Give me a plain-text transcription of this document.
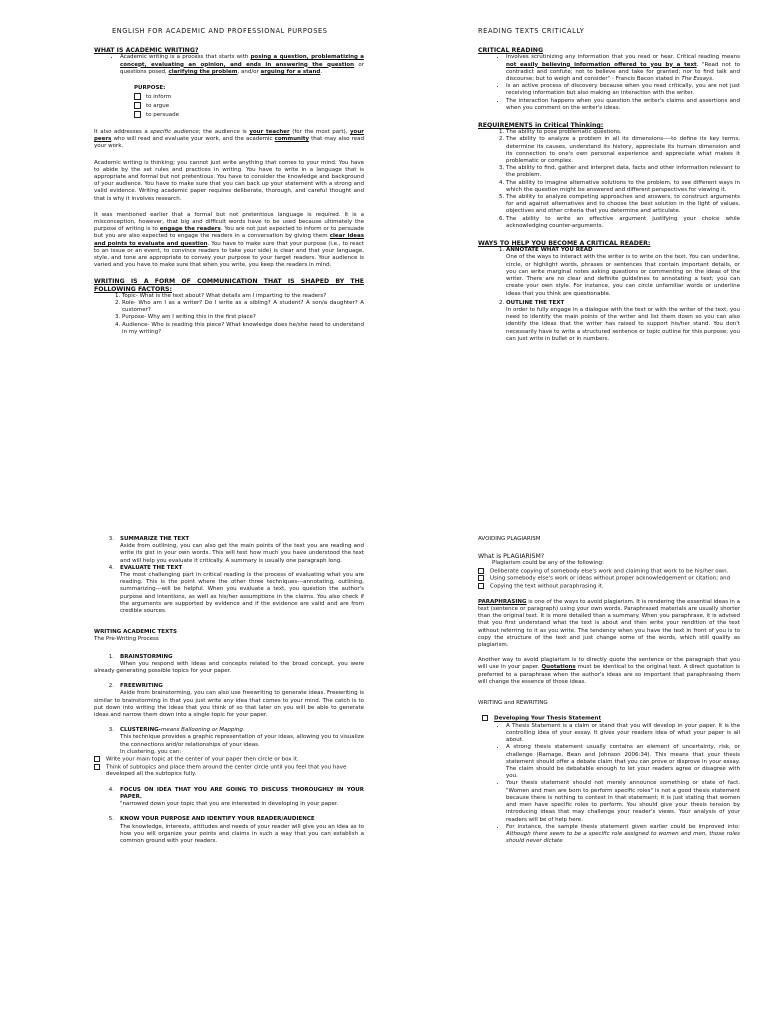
ENGLISH FOR ACADEMIC AND PROFESSIONAL PURPOSES
WHAT IS ACADEMIC WRITING?
• Academic writing is a process that starts with posing a question, problematizing a concept, evaluating an opinion, and ends in answering the question or questions posed, clarifying the problem, and/or arguing for a stand.
PURPOSE:
to inform
to argue
to persuade

It also addresses a specific audience; the audience is your teacher (for the most part), your peers who will read and evaluate your work, and the academic community that may also read your work.

Academic writing is thinking; you cannot just write anything that comes to your mind. You have to abide by the set rules and practices in writing. You have to write in a language that is appropriate and formal but not pretentious. You have to consider the knowledge and background of your audience. You have to make sure that you can back up your statement with a strong and valid evidence. Writing academic paper requires deliberate, thorough, and careful thought and that is why it involves research.

It was mentioned earlier that a formal but not pretentious language is required. It is a misconception, however, that big and difficult words have to be used because ultimately the purpose of writing is to engage the readers. You are not just expected to inform or to persuade but you are also expected to engage the readers in a conversation by giving them clear ideas and points to evaluate and question. You have to make sure that your purpose (i.e., to react to an issue or an event, to convince readers to take your side) is clear and that your language, style, and tone are appropriate to convey your purpose to your target readers. Your audience is varied and you have to make sure that when you write, you keep the readers in mind.

WRITING IS A FORM OF COMMUNICATION THAT IS SHAPED BY THE FOLLOWING FACTORS:
1. Topic- What is the text about? What details am I imparting to the readers?
2. Role- Who am I as a writer? Do I write as a sibling? A student? A son/a daughter? A customer?
3. Purpose- Why am I writing this in the first place?
4. Audience- Who is reading this piece? What knowledge does he/she need to understand in my writing?
READING TEXTS CRITICALLY
CRITICAL READING
• Involves scrutinizing any information that you read or hear. Critical reading means not easily believing information offered to you by a text. "Read not to contradict and confute; not to believe and take for granted; nor to find talk and discourse; but to weigh and consider" - Francis Bacon stated in The Essays.
• Is an active process of discovery because when you read critically, you are not just receiving information but also making an interaction with the writer.
• The interaction happens when you question the writer's claims and assertions and when you comment on the writer's ideas.
REQUIREMENTS in Critical Thinking:
1. The ability to pose problematic questions.
2. The ability to analyze a problem in all its dimensions----to define its key terms, determine its causes, understand its history, appreciate its human dimension and its connection to one's own personal experience and appreciate what makes it problematic or complex.
3. The ability to find, gather and interpret data, facts and other information relevant to the problem.
4. The ability to imagine alternative solutions to the problem, to see different ways in which the question might be answered and different perspectives for viewing it.
5. The ability to analyze competing approaches and answers, to construct arguments for and against alternatives and to choose the best solution in the light of values, objectives and other criteria that you determine and articulate.
6. The ability to write an effective argument justifying your choice while acknowledging counter-arguments.
WAYS TO HELP YOU BECOME A CRITICAL READER:
1. ANNOTATE WHAT YOU READ
One of the ways to interact with the writer is to write on the text. You can underline, circle, or highlight words, phrases or sentences that contain important details, or you can write marginal notes asking questions or commenting on the ideas of the writer. There are no clear and definite guidelines to annotating a text; you can create your own style. For instance, you can circle unfamiliar words or underline ideas that you think are questionable.
2. OUTLINE THE TEXT
In order to fully engage in a dialogue with the text or with the writer of the text, you need to identify the main points of the writer and list them down so you can also identify the ideas that the writer has raised to support his/her stand. You don't necessarily have to write a structured sentence or topic outline for this purpose; you can just write in bullet or in numbers.
3. SUMMARIZE THE TEXT

Aside from outlining, you can also get the main points of the text you are reading and write its gist in your own words. This will test how much you have understood the text and will help you evaluate it critically. A summary is usually one paragraph long.

4. EVALUATE THE TEXT

The most challenging part in critical reading is the process of evaluating what you are reading. This is the point where the other three techniques---annotating, outlining, summarizing---will be helpful. When you evaluate a text, you question the author's purpose and intentions, as well as his/her assumptions in the claims. You also check if the arguments are supported by evidence and if the evidence are valid and are from credible sources.

WRITING ACADEMIC TEXTS
The Pre-Writing Process
1. BRAINSTORMING

When you respond with ideas and concepts related to the broad concept, you were already generating possible topics for your paper.

2. FREEWRITING

Aside from brainstorming, you can also use freewriting to generate ideas. Freewriting is similar to brainstorming in that you just write any idea that comes to your mind. The catch is to put down into writing the ideas that you think of so that later on you will be able to generate ideas and narrow them down into a single topic for your paper.

3. CLUSTERING-means Ballooning or Mapping.

This technique provides a graphic representation of your ideas, allowing you to visualize the connections and/or relationships of your ideas.

In clustering, you can:
Write your main topic at the center of your paper then circle or box it.
Think of subtopics and place them around the center circle until you feel that you have developed all the subtopics fully.
4.	FOCUS ON IDEA THAT YOU ARE GOING TO DISCUSS THOROUGHLY IN YOUR PAPER.

"narrowed down your topic that you are interested in developing in your paper.

5.	KNOW YOUR PURPOSE AND IDENTIFY YOUR READER/AUDIENCE

The knowledge, interests, attitudes and needs of your reader will give you an idea as to how you will organize your points and claims in such a way that you can establish a common ground with your readers.

AVOIDING PLAGIARISM
What is PLAGIARISM?
Plagiarism could be any of the following:
Deliberate copying of somebody else's work and claiming that work to be his/her own.
Using somebody else's work or ideas without proper acknowledgement or citation; and
Copying the text without paraphrasing it.

PARAPHRASING is one of the ways to avoid plagiarism. It is rendering the essential ideas in a text (sentence or paragraph) using your own words. Paraphrased materials are usually shorter than the original text. It is more detailed than a summary. When you paraphrase, it is advised that you first understand what the text is about and then write your rendition of the text without referring to it as you write. The tendency when you have the text in front of you is to copy the structure of the text and just change some of the words, which still qualify as plagiarism.

Another way to avoid plagiarism is to directly quote the sentence or the paragraph that you will use in your paper. Quotations must be identical to the original text. A direct quotation is preferred to a paraphrase when the author's ideas are so important that paraphrasing them will change the essence of those ideas.

WRITING and REWRITING
Developing Your Thesis Statement
• A Thesis Statement is a claim or stand that you will develop in your paper. It is the controlling idea of your essay. It gives your readers idea of what your paper is all about.
• A strong thesis statement usually contains an element of uncertainty, risk, or challenge (Ramage, Bean and Johnson 2006:34). This means that your thesis statement should offer a debate claim that you can prove or disprove in your essay. The claim should be debatable enough to let your readers agree or disagree with you.
• Your thesis statement should not merely announce something or state of fact. "Women and men are born to perform specific roles" is not a good thesis statement because there is nothing to contest in that statement; it is just stating that women and men have specific roles to perform. You should give your thesis tension by introducing ideas that may challenge your reader's views. Your analysis of your readers will be of help here.
• For instance, the sample thesis statement given earlier could be improved into: Although there seem to be a specific role assigned to women and men, those roles should never dictate
